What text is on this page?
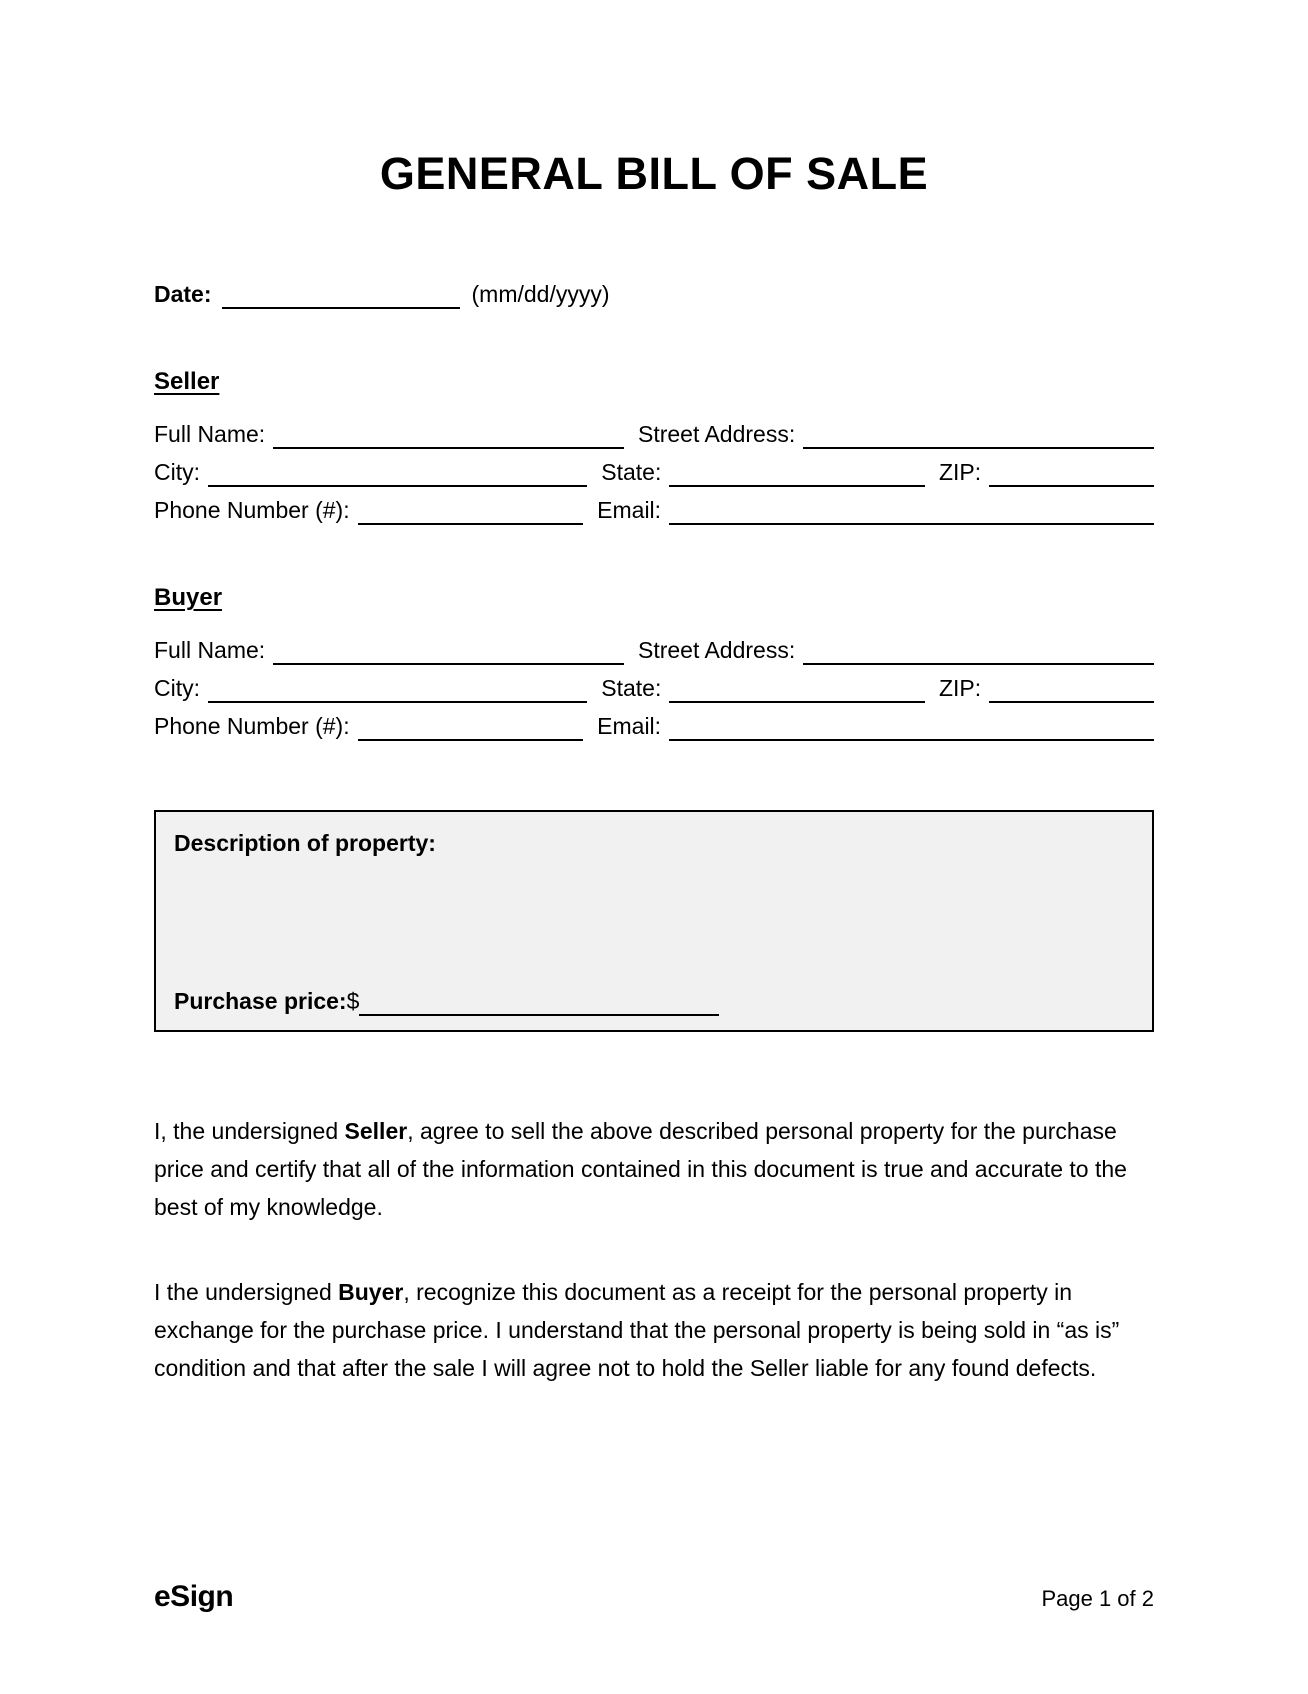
GENERAL BILL OF SALE
Date:	(mm/dd/yyyy)
Seller
Full Name:	Street Address:
City:	State:	ZIP:
Phone Number (#):	Email:
Buyer
Full Name:	Street Address:
City:	State:	ZIP:
Phone Number (#):	Email:
Description of property:
Purchase price: $

I, the undersigned Seller, agree to sell the above described personal property for the purchase price and certify that all of the information contained in this document is true and accurate to the best of my knowledge.

I the undersigned Buyer, recognize this document as a receipt for the personal property in exchange for the purchase price. I understand that the personal property is being sold in “as is” condition and that after the sale I will agree not to hold the Seller liable for any found defects.

eSign	Page 1 of 2
